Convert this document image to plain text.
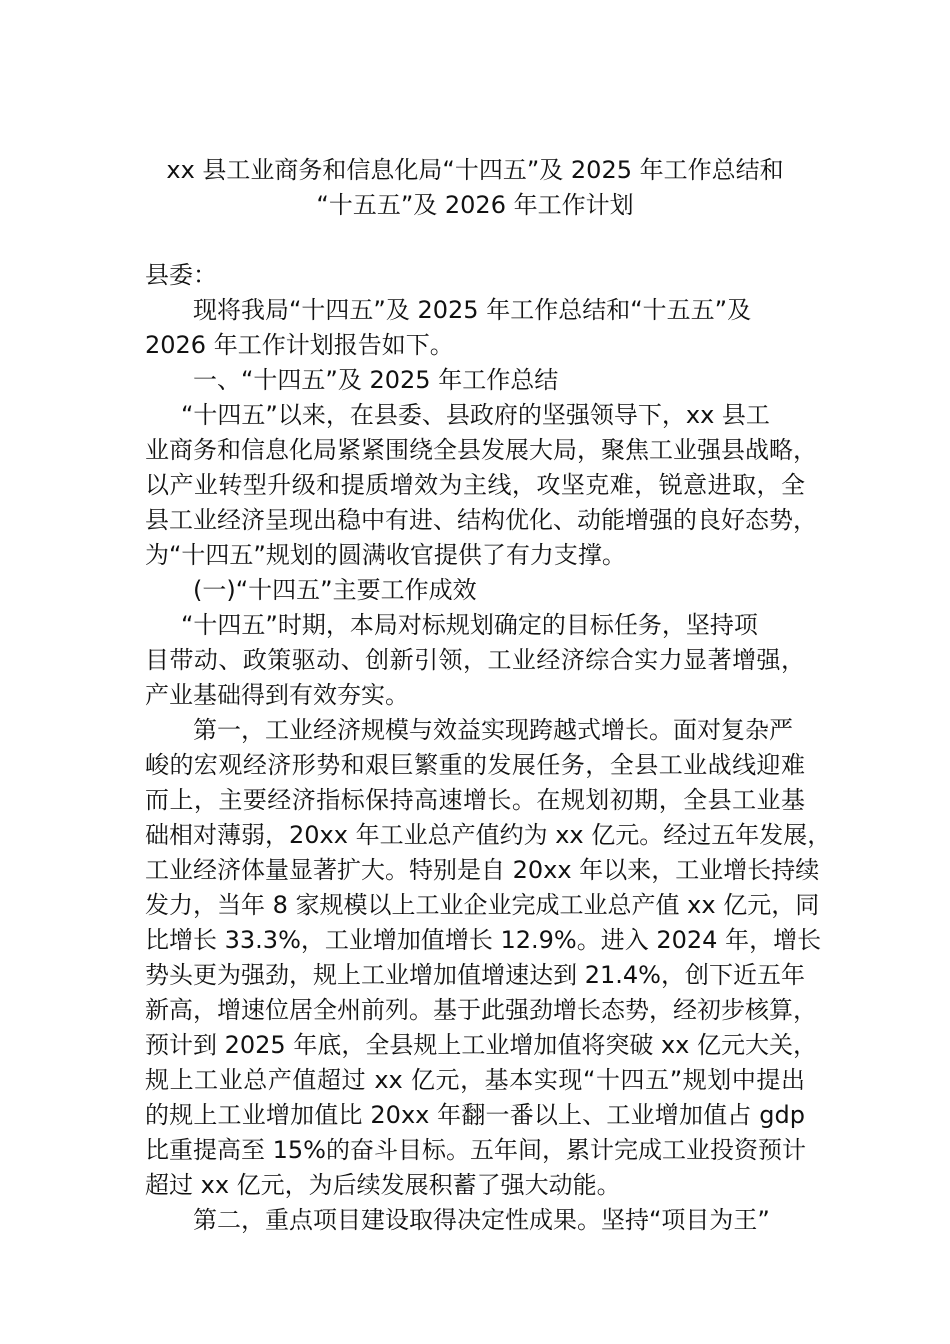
xx 县工业商务和信息化局“十四五”及 2025 年工作总结和
“十五五”及 2026 年工作计划
县委：
现将我局“十四五”及 2025 年工作总结和“十五五”及
2026 年工作计划报告如下。
一、“十四五”及 2025 年工作总结
“十四五”以来，在县委、县政府的坚强领导下，xx 县工
业商务和信息化局紧紧围绕全县发展大局，聚焦工业强县战略，
以产业转型升级和提质增效为主线，攻坚克难，锐意进取，全
县工业经济呈现出稳中有进、结构优化、动能增强的良好态势，
为“十四五”规划的圆满收官提供了有力支撑。
(一)“十四五”主要工作成效
“十四五”时期，本局对标规划确定的目标任务，坚持项
目带动、政策驱动、创新引领，工业经济综合实力显著增强，
产业基础得到有效夯实。
第一，工业经济规模与效益实现跨越式增长。面对复杂严
峻的宏观经济形势和艰巨繁重的发展任务，全县工业战线迎难
而上，主要经济指标保持高速增长。在规划初期，全县工业基
础相对薄弱，20xx 年工业总产值约为 xx 亿元。经过五年发展，
工业经济体量显著扩大。特别是自 20xx 年以来，工业增长持续
发力，当年 8 家规模以上工业企业完成工业总产值 xx 亿元，同
比增长 33.3%，工业增加值增长 12.9%。进入 2024 年，增长
势头更为强劲，规上工业增加值增速达到 21.4%，创下近五年
新高，增速位居全州前列。基于此强劲增长态势，经初步核算，
预计到 2025 年底，全县规上工业增加值将突破 xx 亿元大关，
规上工业总产值超过 xx 亿元，基本实现“十四五”规划中提出
的规上工业增加值比 20xx 年翻一番以上、工业增加值占 gdp
比重提高至 15%的奋斗目标。五年间，累计完成工业投资预计
超过 xx 亿元，为后续发展积蓄了强大动能。
第二，重点项目建设取得决定性成果。坚持“项目为王”
